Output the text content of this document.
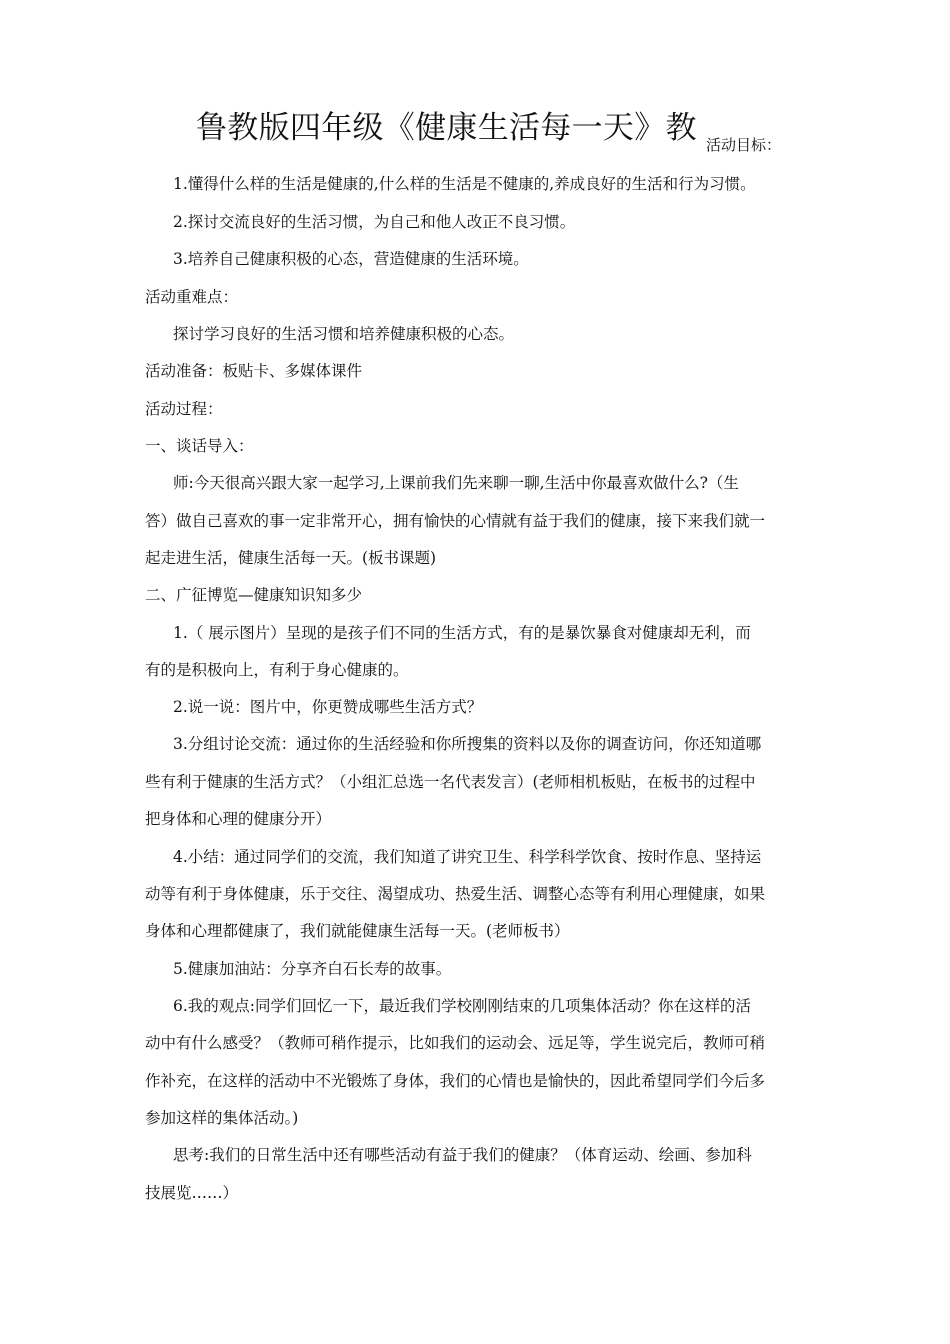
鲁教版四年级《健康生活每一天》教 活动目标：
1.懂得什么样的生活是健康的,什么样的生活是不健康的,养成良好的生活和行为习惯。
2.探讨交流良好的生活习惯，为自己和他人改正不良习惯。
3.培养自己健康积极的心态，营造健康的生活环境。
活动重难点：
探讨学习良好的生活习惯和培养健康积极的心态。
活动准备：板贴卡、多媒体课件
活动过程：
一、谈话导入：
师:今天很高兴跟大家一起学习,上课前我们先来聊一聊,生活中你最喜欢做什么?（生
答）做自己喜欢的事一定非常开心，拥有愉快的心情就有益于我们的健康，接下来我们就一
起走进生活，健康生活每一天。(板书课题)
二、广征博览—健康知识知多少
1.（ 展示图片）呈现的是孩子们不同的生活方式，有的是暴饮暴食对健康却无利，而
有的是积极向上，有利于身心健康的。
2.说一说：图片中，你更赞成哪些生活方式？
3.分组讨论交流：通过你的生活经验和你所搜集的资料以及你的调查访问，你还知道哪
些有利于健康的生活方式？（小组汇总选一名代表发言）(老师相机板贴，在板书的过程中
把身体和心理的健康分开）
4.小结：通过同学们的交流，我们知道了讲究卫生、科学科学饮食、按时作息、坚持运
动等有利于身体健康，乐于交往、渴望成功、热爱生活、调整心态等有利用心理健康，如果
身体和心理都健康了，我们就能健康生活每一天。(老师板书）
5.健康加油站：分享齐白石长寿的故事。
6.我的观点:同学们回忆一下，最近我们学校刚刚结束的几项集体活动？你在这样的活
动中有什么感受？（教师可稍作提示，比如我们的运动会、远足等，学生说完后，教师可稍
作补充，在这样的活动中不光锻炼了身体，我们的心情也是愉快的，因此希望同学们今后多
参加这样的集体活动。)
思考:我们的日常生活中还有哪些活动有益于我们的健康？（体育运动、绘画、参加科
技展览……）
